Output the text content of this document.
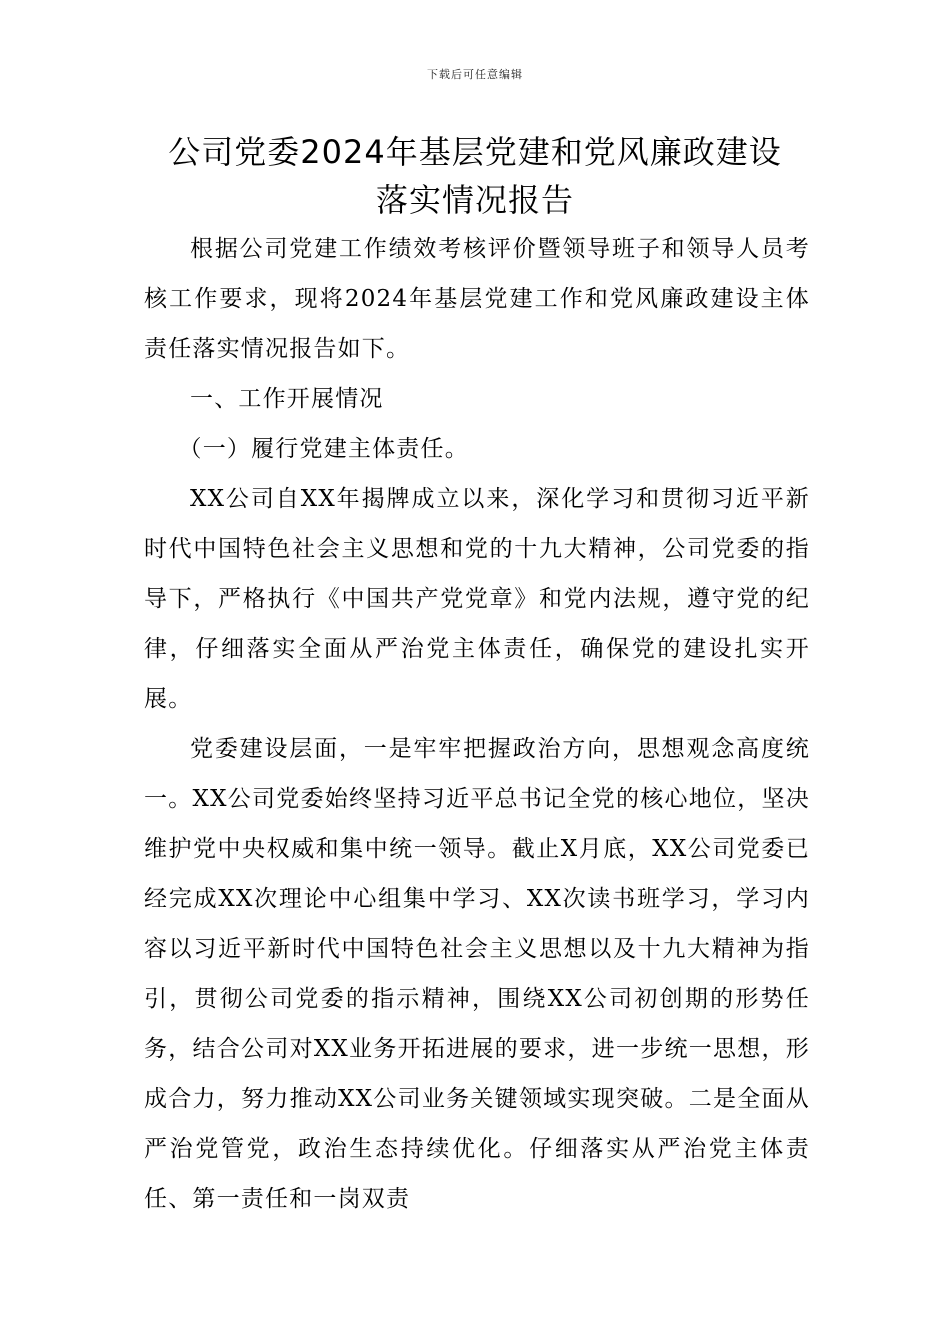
下载后可任意编辑
公司党委2024年基层党建和党风廉政建设
落实情况报告

根据公司党建工作绩效考核评价暨领导班子和领导人员考核工作要求，现将2024年基层党建工作和党风廉政建设主体责任落实情况报告如下。

一、工作开展情况

（一）履行党建主体责任。

XX公司自XX年揭牌成立以来，深化学习和贯彻习近平新时代中国特色社会主义思想和党的十九大精神，公司党委的指导下，严格执行《中国共产党党章》和党内法规，遵守党的纪律，仔细落实全面从严治党主体责任，确保党的建设扎实开展。

党委建设层面，一是牢牢把握政治方向，思想观念高度统一。XX公司党委始终坚持习近平总书记全党的核心地位，坚决维护党中央权威和集中统一领导。截止X月底，XX公司党委已经完成XX次理论中心组集中学习、XX次读书班学习，学习内容以习近平新时代中国特色社会主义思想以及十九大精神为指引，贯彻公司党委的指示精神，围绕XX公司初创期的形势任务，结合公司对XX业务开拓进展的要求，进一步统一思想，形成合力，努力推动XX公司业务关键领域实现突破。二是全面从严治党管党，政治生态持续优化。仔细落实从严治党主体责任、第一责任和一岗双责
